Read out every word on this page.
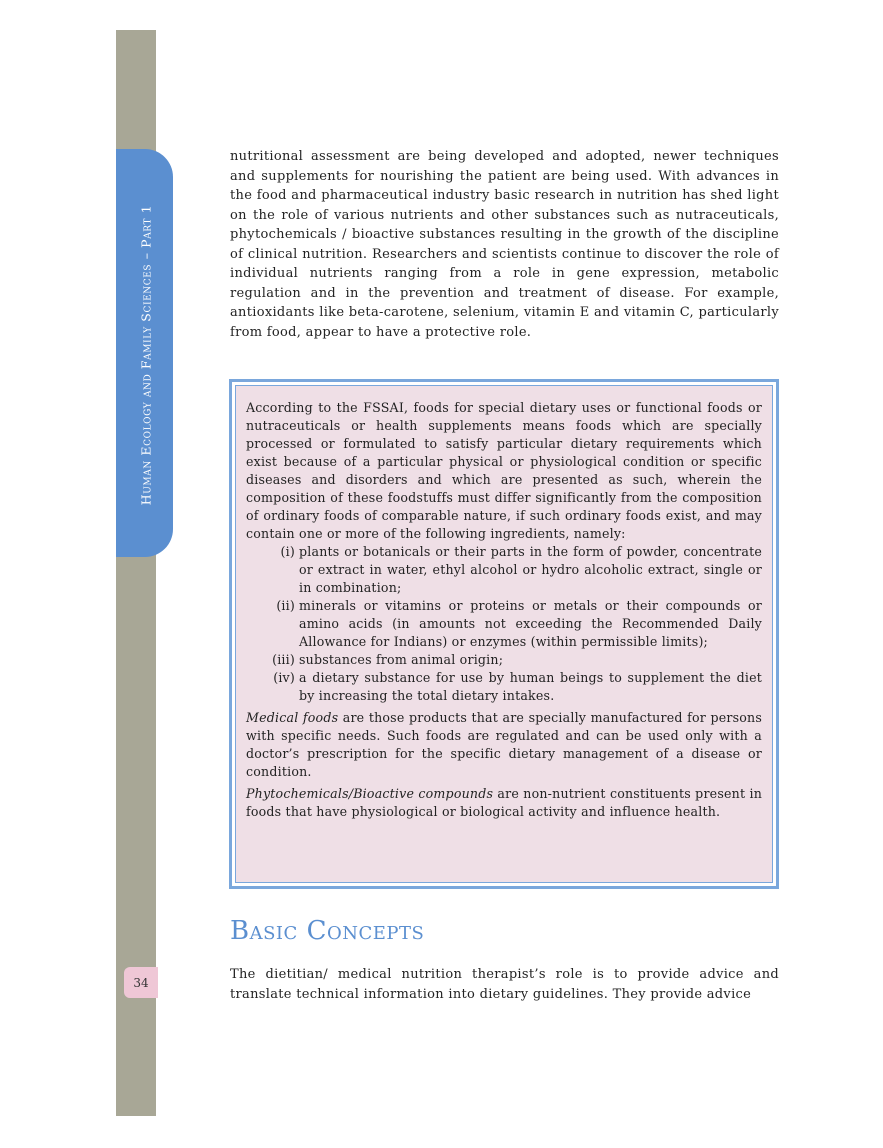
Human Ecology and Family Sciences – Part 1
34

nutritional assessment are being developed and adopted, newer techniques and supplements for nourishing the patient are being used. With advances in the food and pharmaceutical industry basic research in nutrition has shed light on the role of various nutrients and other substances such as nutraceuticals, phytochemicals / bioactive substances resulting in the growth of the discipline of clinical nutrition. Researchers and scientists continue to discover the role of individual nutrients ranging from a role in gene expression, metabolic regulation and in the prevention and treatment of disease. For example, antioxidants like beta-carotene, selenium, vitamin E and vitamin C, particularly from food, appear to have a protective role.

According to the FSSAI, foods for special dietary uses or functional foods or nutraceuticals or health supplements means foods which are specially processed or formulated to satisfy particular dietary requirements which exist because of a particular physical or physiological condition or specific diseases and disorders and which are presented as such, wherein the composition of these foodstuffs must differ significantly from the composition of ordinary foods of comparable nature, if such ordinary foods exist, and may contain one or more of the following ingredients, namely:

(i) plants or botanicals or their parts in the form of powder, concentrate or extract in water, ethyl alcohol or hydro alcoholic extract, single or in combination;
(ii) minerals or vitamins or proteins or metals or their compounds or amino acids (in amounts not exceeding the Recommended Daily Allowance for Indians) or enzymes (within permissible limits);
(iii) substances from animal origin;
(iv) a dietary substance for use by human beings to supplement the diet by increasing the total dietary intakes.

Medical foods are those products that are specially manufactured for persons with specific needs. Such foods are regulated and can be used only with a doctor’s prescription for the specific dietary management of a disease or condition.

Phytochemicals/Bioactive compounds are non-nutrient constituents present in foods that have physiological or biological activity and influence health.

Basic Concepts

The dietitian/ medical nutrition therapist’s role is to provide advice and translate technical information into dietary guidelines. They provide advice
